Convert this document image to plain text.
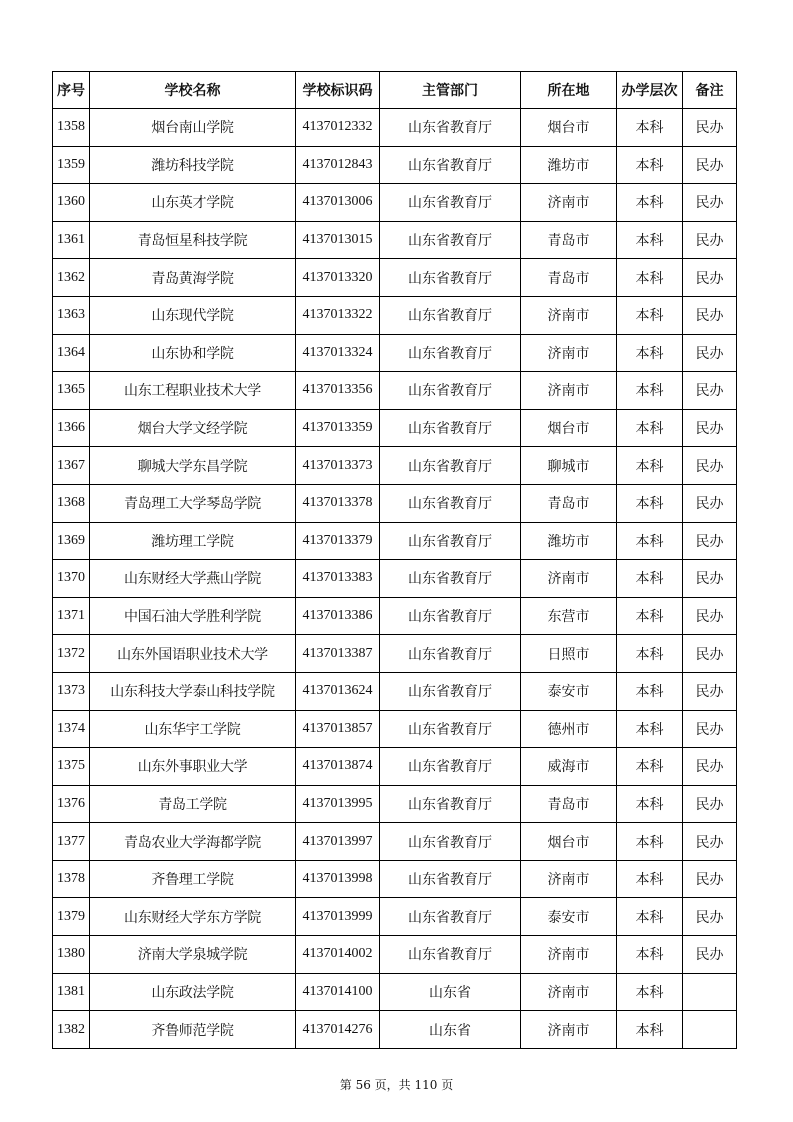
序号	学校名称	学校标识码	主管部门	所在地	办学层次	备注
1358	烟台南山学院	4137012332	山东省教育厅	烟台市	本科	民办
1359	潍坊科技学院	4137012843	山东省教育厅	潍坊市	本科	民办
1360	山东英才学院	4137013006	山东省教育厅	济南市	本科	民办
1361	青岛恒星科技学院	4137013015	山东省教育厅	青岛市	本科	民办
1362	青岛黄海学院	4137013320	山东省教育厅	青岛市	本科	民办
1363	山东现代学院	4137013322	山东省教育厅	济南市	本科	民办
1364	山东协和学院	4137013324	山东省教育厅	济南市	本科	民办
1365	山东工程职业技术大学	4137013356	山东省教育厅	济南市	本科	民办
1366	烟台大学文经学院	4137013359	山东省教育厅	烟台市	本科	民办
1367	聊城大学东昌学院	4137013373	山东省教育厅	聊城市	本科	民办
1368	青岛理工大学琴岛学院	4137013378	山东省教育厅	青岛市	本科	民办
1369	潍坊理工学院	4137013379	山东省教育厅	潍坊市	本科	民办
1370	山东财经大学燕山学院	4137013383	山东省教育厅	济南市	本科	民办
1371	中国石油大学胜利学院	4137013386	山东省教育厅	东营市	本科	民办
1372	山东外国语职业技术大学	4137013387	山东省教育厅	日照市	本科	民办
1373	山东科技大学泰山科技学院	4137013624	山东省教育厅	泰安市	本科	民办
1374	山东华宇工学院	4137013857	山东省教育厅	德州市	本科	民办
1375	山东外事职业大学	4137013874	山东省教育厅	威海市	本科	民办
1376	青岛工学院	4137013995	山东省教育厅	青岛市	本科	民办
1377	青岛农业大学海都学院	4137013997	山东省教育厅	烟台市	本科	民办
1378	齐鲁理工学院	4137013998	山东省教育厅	济南市	本科	民办
1379	山东财经大学东方学院	4137013999	山东省教育厅	泰安市	本科	民办
1380	济南大学泉城学院	4137014002	山东省教育厅	济南市	本科	民办
1381	山东政法学院	4137014100	山东省	济南市	本科	
1382	齐鲁师范学院	4137014276	山东省	济南市	本科	
第 56 页，共 110 页
